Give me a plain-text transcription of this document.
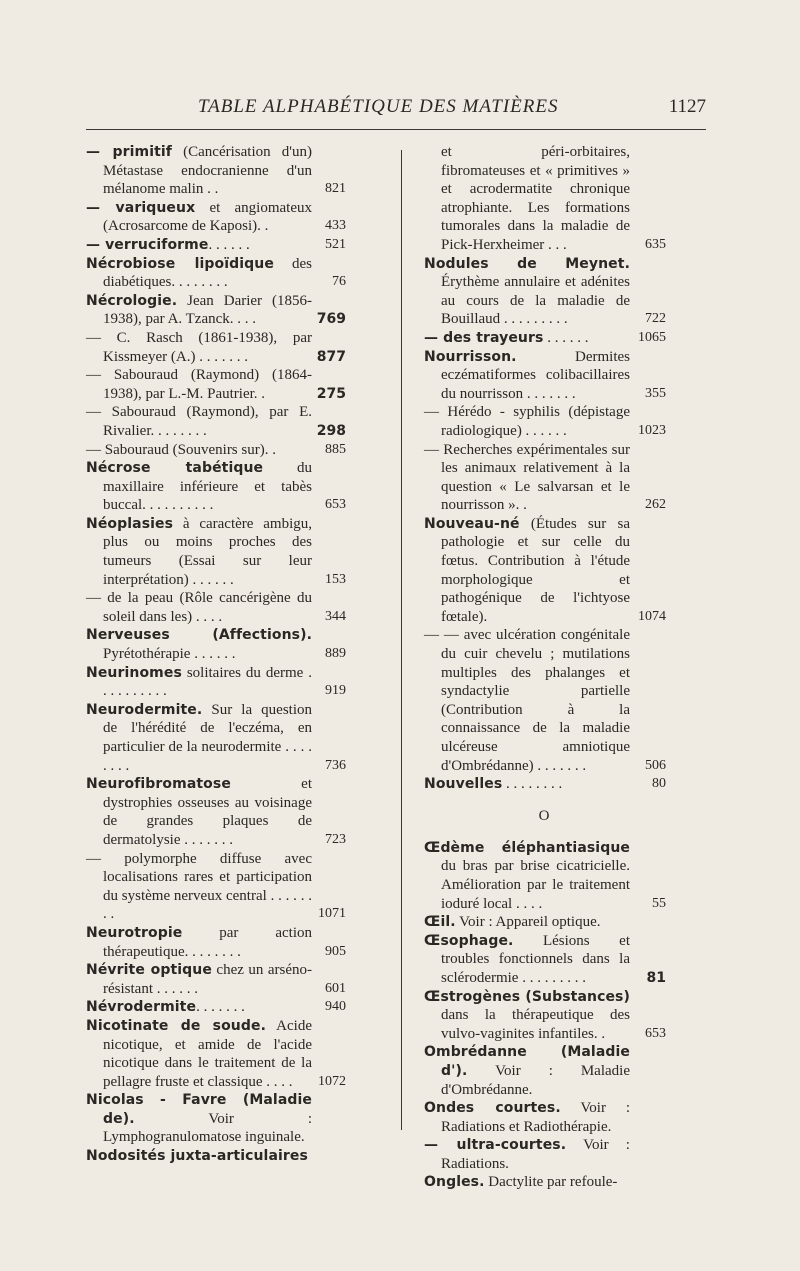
TABLE ALPHABÉTIQUE DES MATIÈRES	1127
— primitif (Cancérisation d'un) Métastase endocranienne d'un mélanome malin . .	821
— variqueux et angiomateux (Acrosarcome de Kaposi). .	433
— verruciforme. . . . . .	521
Nécrobiose lipoïdique des diabétiques. . . . . . . .	76
Nécrologie. Jean Darier (1856-1938), par A. Tzanck. . . .	769
— C. Rasch (1861-1938), par Kissmeyer (A.) . . . . . . .	877
— Sabouraud (Raymond) (1864-1938), par L.-M. Pautrier. .	275
— Sabouraud (Raymond), par E. Rivalier. . . . . . . .	298
— Sabouraud (Souvenirs sur). .	885
Nécrose tabétique du maxillaire inférieure et tabès buccal. . . . . . . . . .	653
Néoplasies à caractère ambigu, plus ou moins proches des tumeurs (Essai sur leur interprétation) . . . . . .	153
— de la peau (Rôle cancérigène du soleil dans les) . . . .	344
Nerveuses (Affections). Pyrétothérapie . . . . . .	889
Neurinomes solitaires du derme . . . . . . . . . .	919
Neurodermite. Sur la question de l'hérédité de l'eczéma, en particulier de la neurodermite . . . . . . . .	736
Neurofibromatose et dystrophies osseuses au voisinage de grandes plaques de dermatolysie . . . . . . .	723
— polymorphe diffuse avec localisations rares et participation du système nerveux central . . . . . . . .	1071
Neurotropie par action thérapeutique. . . . . . . .	905
Névrite optique chez un arséno-résistant . . . . . .	601
Névrodermite. . . . . . .	940
Nicotinate de soude. Acide nicotique, et amide de l'acide nicotique dans le traitement de la pellagre fruste et classique . . . . 1072
Nicolas - Favre (Maladie de). Voir : Lymphogranulomatose inguinale.
Nodosités juxta-articulaires
et péri-orbitaires, fibromateuses et « primitives » et acrodermatite chronique atrophiante. Les formations tumorales dans la maladie de Pick-Herxheimer . . .	635
Nodules de Meynet. Érythème annulaire et adénites au cours de la maladie de Bouillaud . . . . . . . . .	722
— des trayeurs . . . . . .	1065
Nourrisson. Dermites eczématiformes colibacillaires du nourrisson . . . . . . .	355
— Hérédo - syphilis (dépistage radiologique) . . . . . .	1023
— Recherches expérimentales sur les animaux relativement à la question « Le salvarsan et le nourrisson ». .	262
Nouveau-né (Études sur sa pathologie et sur celle du fœtus. Contribution à l'étude morphologique et pathogénique de l'ichtyose fœtale).	1074
— — avec ulcération congénitale du cuir chevelu ; mutilations multiples des phalanges et syndactylie partielle (Contribution à la connaissance de la maladie ulcéreuse amniotique d'Ombrédanne) . . . . . . .	506
Nouvelles . . . . . . . .	80
O
Œdème éléphantiasique du bras par brise cicatricielle. Amélioration par le traitement ioduré local . . . .	55
Œil. Voir : Appareil optique.
Œsophage. Lésions et troubles fonctionnels dans la sclérodermie . . . . . . . . .	81
Œstrogènes (Substances) dans la thérapeutique des vulvo-vaginites infantiles. .	653
Ombrédanne (Maladie d'). Voir : Maladie d'Ombrédanne.
Ondes courtes. Voir : Radiations et Radiothérapie.
— ultra-courtes. Voir : Radiations.
Ongles. Dactylite par refoule-
